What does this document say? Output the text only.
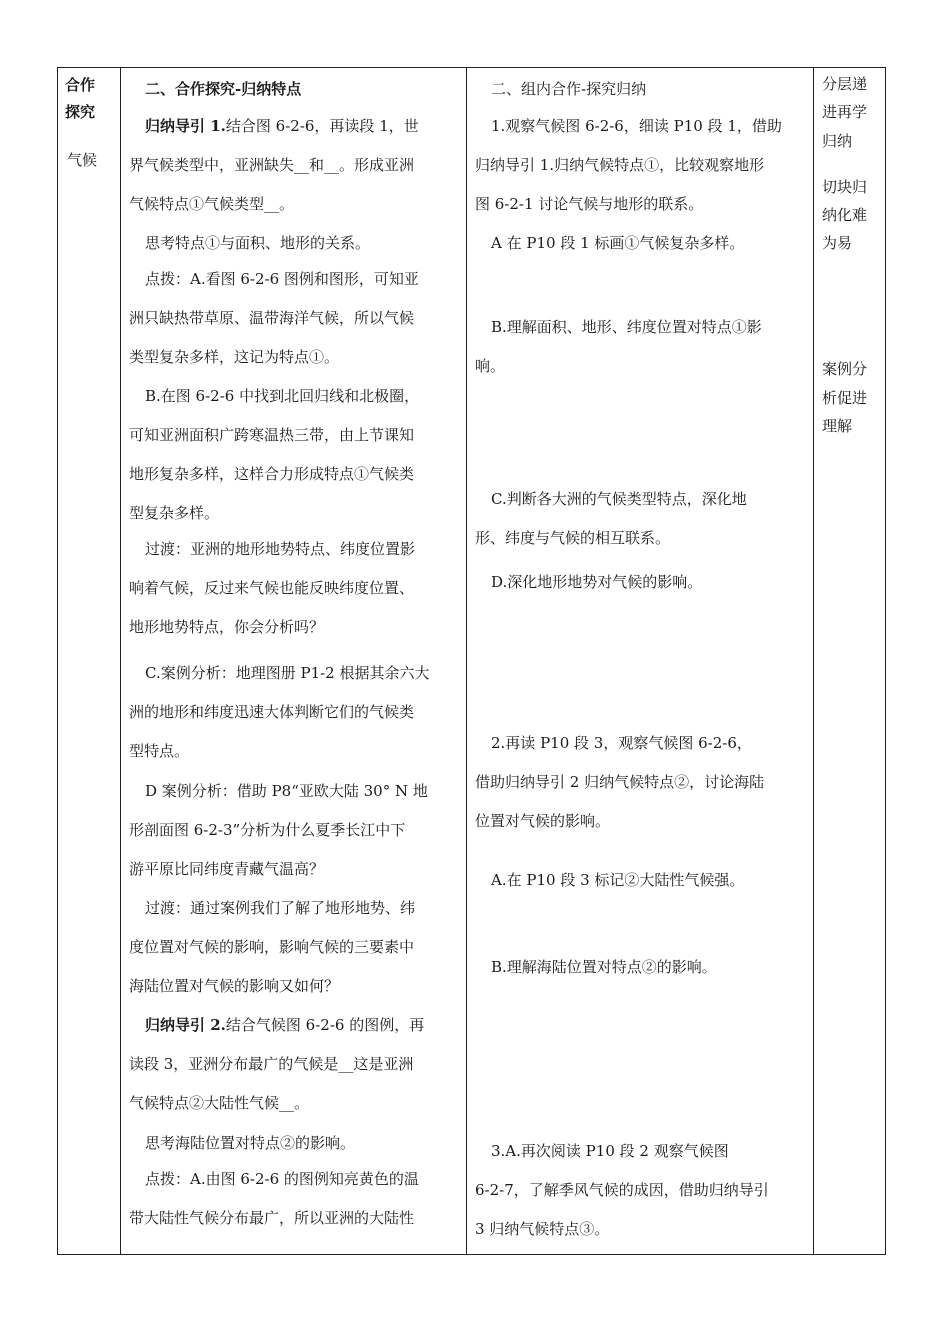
合作
探究
气候
二、合作探究-归纳特点
归纳导引 1.结合图 6-2-6，再读段 1，世
界气候类型中，亚洲缺失__和__。形成亚洲
气候特点①气候类型__。
思考特点①与面积、地形的关系。
点拨：A.看图 6-2-6 图例和图形，可知亚
洲只缺热带草原、温带海洋气候，所以气候
类型复杂多样，这记为特点①。
B.在图 6-2-6 中找到北回归线和北极圈，
可知亚洲面积广跨寒温热三带，由上节课知
地形复杂多样，这样合力形成特点①气候类
型复杂多样。
过渡：亚洲的地形地势特点、纬度位置影
响着气候，反过来气候也能反映纬度位置、
地形地势特点，你会分析吗？
C.案例分析：地理图册 P1-2 根据其余六大
洲的地形和纬度迅速大体判断它们的气候类
型特点。
D 案例分析：借助 P8“亚欧大陆 30° N 地
形剖面图 6-2-3”分析为什么夏季长江中下
游平原比同纬度青藏气温高？
过渡：通过案例我们了解了地形地势、纬
度位置对气候的影响，影响气候的三要素中
海陆位置对气候的影响又如何？
归纳导引 2.结合气候图 6-2-6 的图例，再
读段 3，亚洲分布最广的气候是__这是亚洲
气候特点②大陆性气候__。
思考海陆位置对特点②的影响。
点拨：A.由图 6-2-6 的图例知亮黄色的温
带大陆性气候分布最广，所以亚洲的大陆性
二、组内合作-探究归纳
1.观察气候图 6-2-6，细读 P10 段 1，借助
归纳导引 1.归纳气候特点①，比较观察地形
图 6-2-1 讨论气候与地形的联系。
A 在 P10 段 1 标画①气候复杂多样。
B.理解面积、地形、纬度位置对特点①影
响。
C.判断各大洲的气候类型特点，深化地
形、纬度与气候的相互联系。
D.深化地形地势对气候的影响。
2.再读 P10 段 3，观察气候图 6-2-6，
借助归纳导引 2 归纳气候特点②，讨论海陆
位置对气候的影响。
A.在 P10 段 3 标记②大陆性气候强。
B.理解海陆位置对特点②的影响。
3.A.再次阅读 P10 段 2 观察气候图
6-2-7，了解季风气候的成因，借助归纳导引
3 归纳气候特点③。
分层递
进再学
归纳
切块归
纳化难
为易
案例分
析促进
理解
